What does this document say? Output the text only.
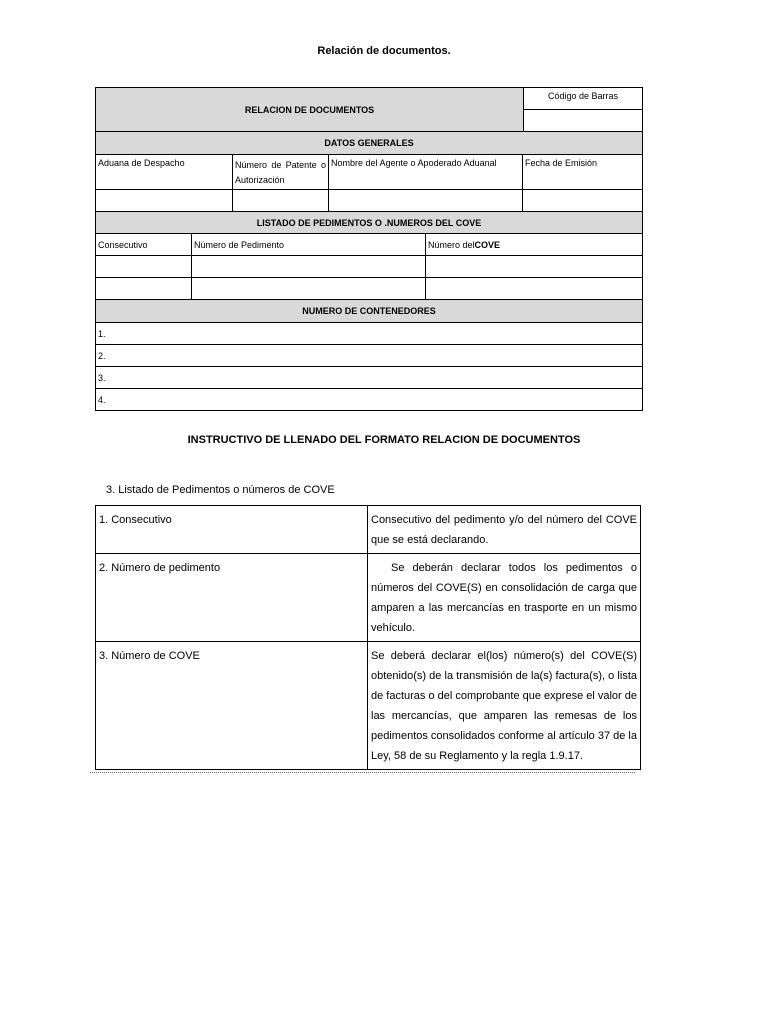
Relación de documentos.
RELACION DE DOCUMENTOS					Código de Barras

DATOS GENERALES					
Aduana de Despacho		Número de Patente o Autorización	Nombre del Agente o Apoderado Aduanal		Fecha de Emisión

LISTADO DE PEDIMENTOS O .NUMEROS DEL COVE					
Consecutivo	Número de Pedimento			Número delCOVE	

NUMERO DE CONTENEDORES					
1.					
2.					
3.					
4.					
INSTRUCTIVO DE LLENADO DEL FORMATO RELACION DE DOCUMENTOS
3. Listado de Pedimentos o números de COVE
1. Consecutivo	Consecutivo del pedimento y/o del número del COVE que se está declarando.
2. Número de pedimento	Se deberán declarar todos los pedimentos o números del COVE(S) en consolidación de carga que amparen a las mercancías en trasporte en un mismo vehículo.
3. Número de COVE	Se deberá declarar el(los) número(s) del COVE(S) obtenido(s) de la transmisión de la(s) factura(s), o lista de facturas o del comprobante que exprese el valor de las mercancías, que amparen las remesas de los pedimentos consolidados conforme al artículo 37 de la Ley, 58 de su Reglamento y la regla 1.9.17.
